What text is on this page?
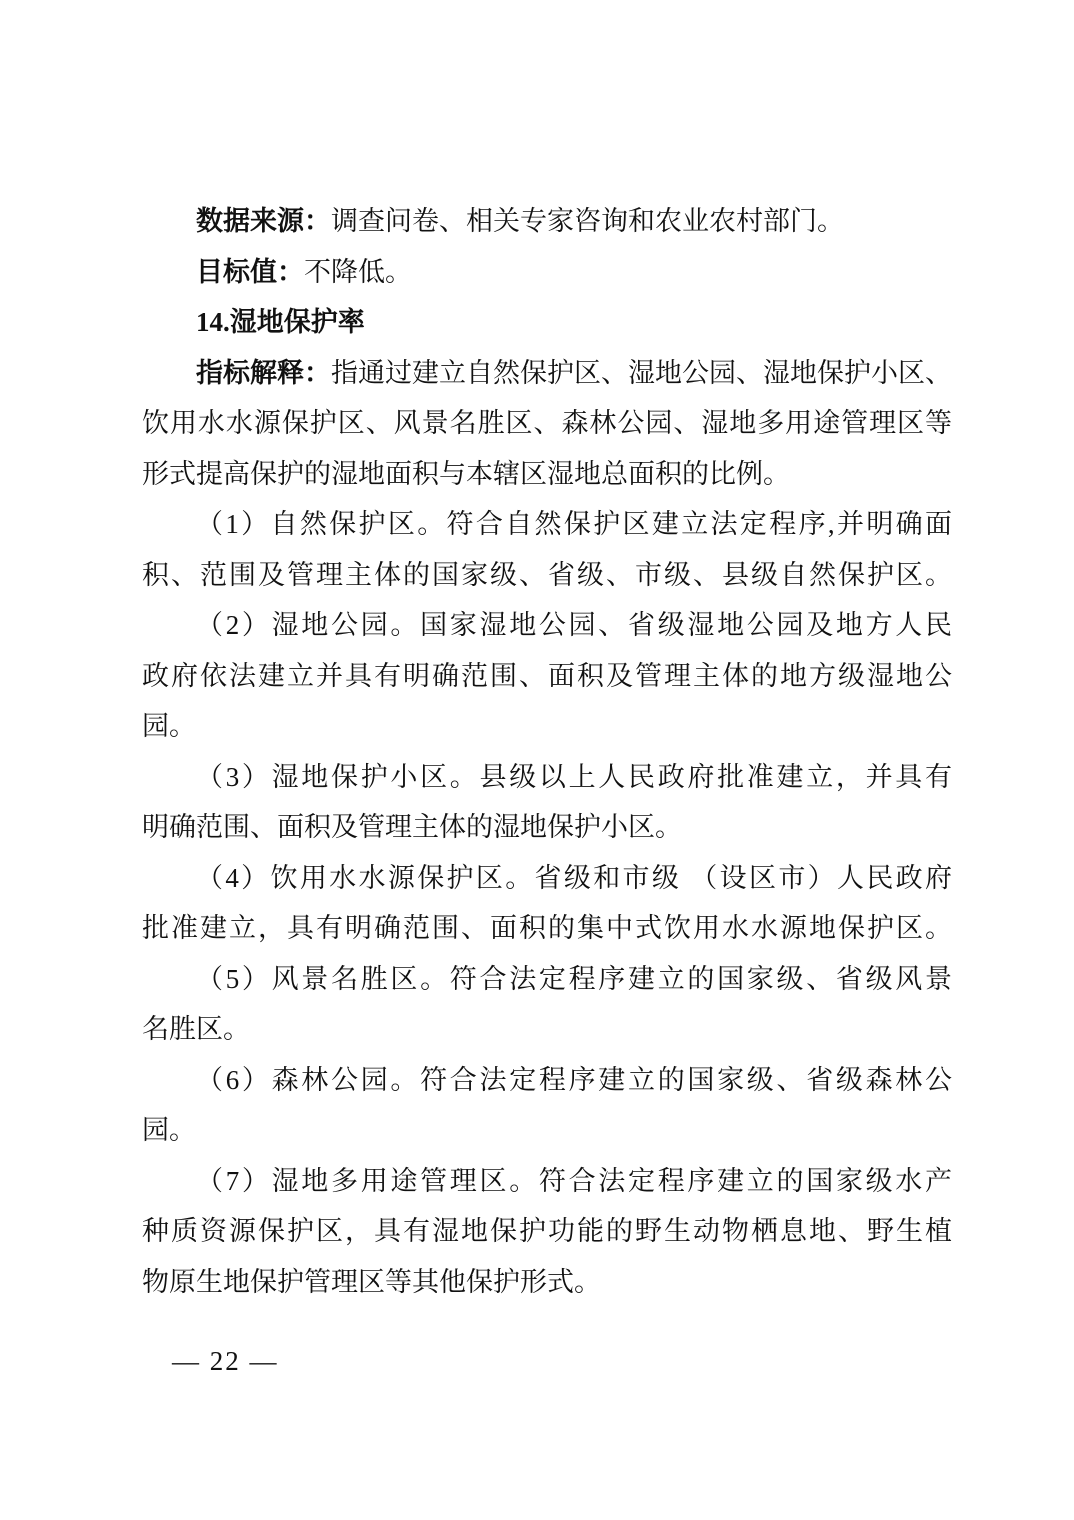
数据来源：调查问卷、相关专家咨询和农业农村部门。
目标值：不降低。
14.湿地保护率
指标解释：指通过建立自然保护区、湿地公园、湿地保护小区、
饮用水水源保护区、风景名胜区、森林公园、湿地多用途管理区等
形式提高保护的湿地面积与本辖区湿地总面积的比例。
（1）自然保护区。符合自然保护区建立法定程序,并明确面
积、范围及管理主体的国家级、省级、市级、县级自然保护区。
（2）湿地公园。国家湿地公园、省级湿地公园及地方人民
政府依法建立并具有明确范围、面积及管理主体的地方级湿地公
园。
（3）湿地保护小区。县级以上人民政府批准建立，并具有
明确范围、面积及管理主体的湿地保护小区。
（4）饮用水水源保护区。省级和市级 （设区市）人民政府
批准建立，具有明确范围、面积的集中式饮用水水源地保护区。
（5）风景名胜区。符合法定程序建立的国家级、省级风景
名胜区。
（6）森林公园。符合法定程序建立的国家级、省级森林公
园。
（7）湿地多用途管理区。符合法定程序建立的国家级水产
种质资源保护区，具有湿地保护功能的野生动物栖息地、野生植
物原生地保护管理区等其他保护形式。
— 22 —
